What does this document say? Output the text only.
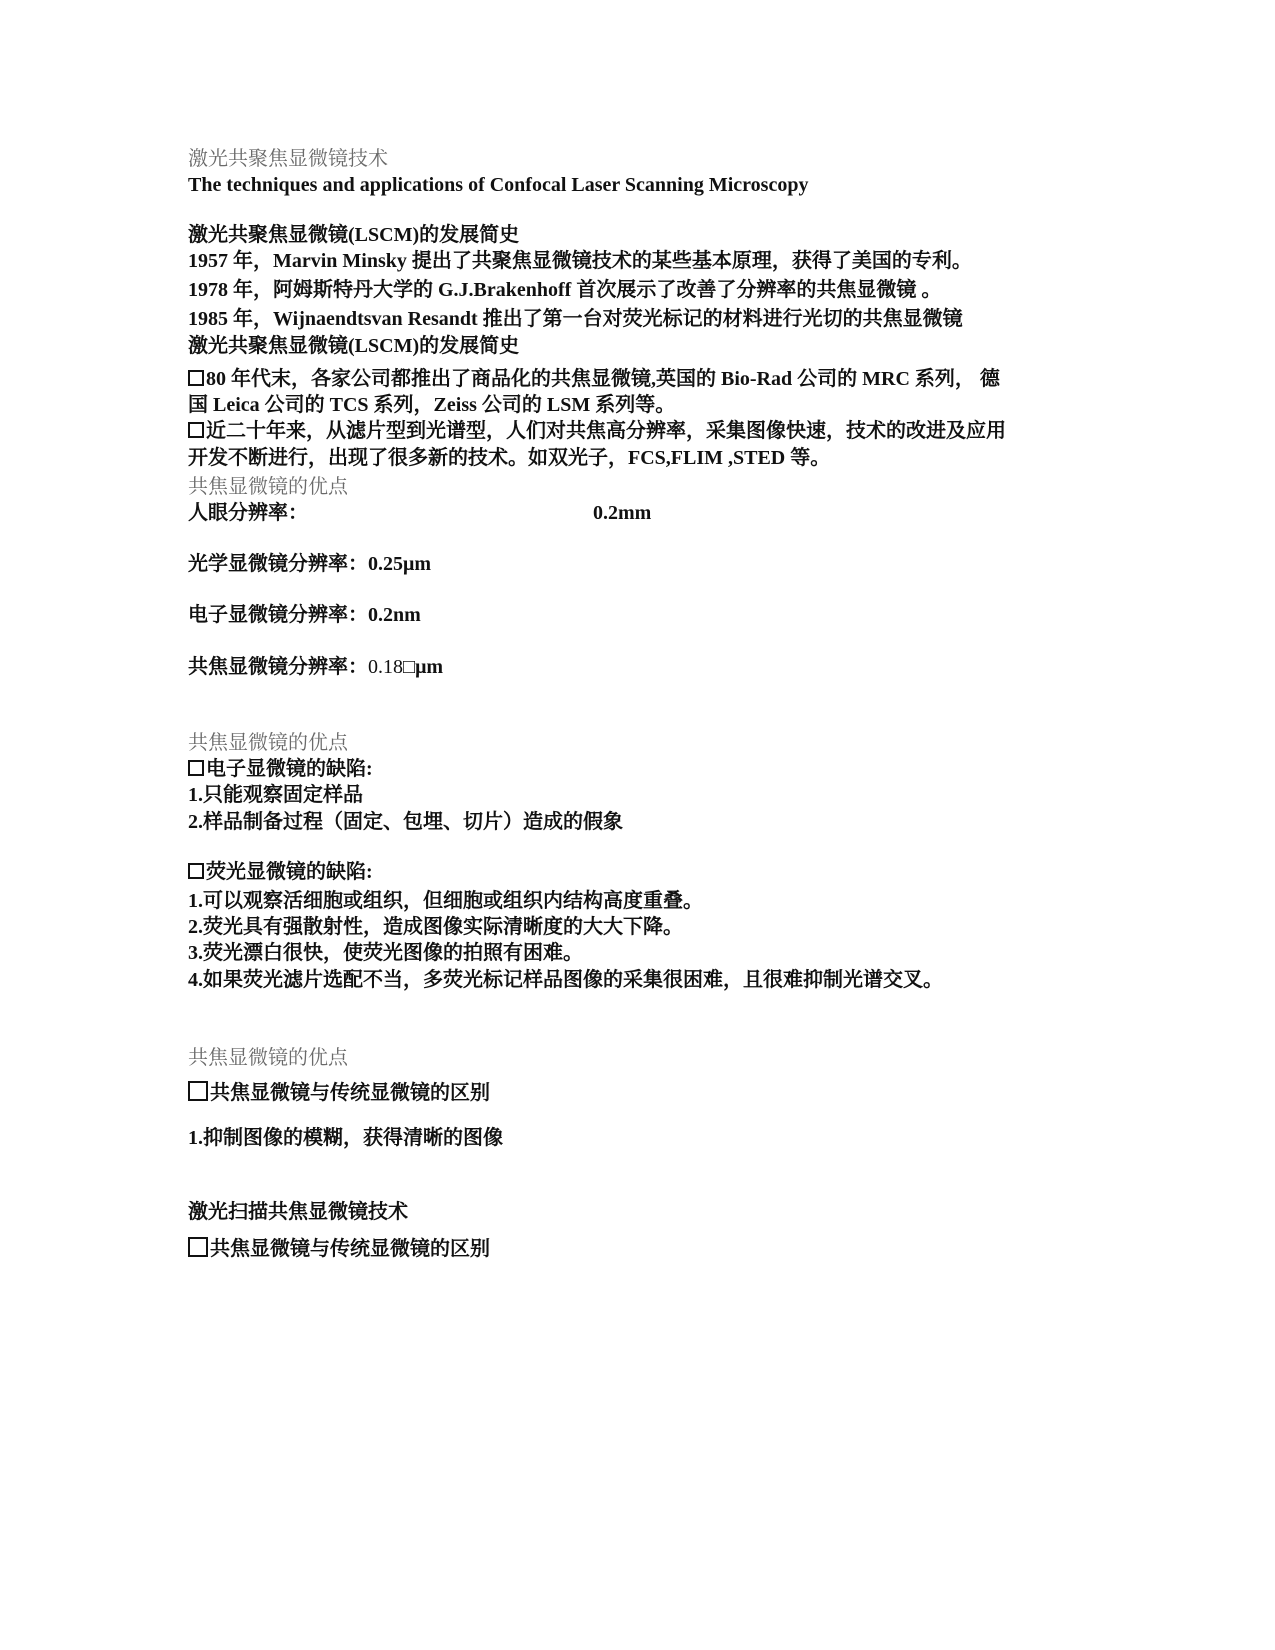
激光共聚焦显微镜技术
The techniques and applications of Confocal Laser Scanning Microscopy
激光共聚焦显微镜(LSCM)的发展简史
1957 年，Marvin Minsky 提出了共聚焦显微镜技术的某些基本原理，获得了美国的专利。
1978 年，阿姆斯特丹大学的 G.J.Brakenhoff 首次展示了改善了分辨率的共焦显微镜 。
1985 年，Wijnaendtsvan Resandt 推出了第一台对荧光标记的材料进行光切的共焦显微镜
激光共聚焦显微镜(LSCM)的发展简史
80 年代末，各家公司都推出了商品化的共焦显微镜,英国的 Bio-Rad 公司的 MRC 系列， 德
国 Leica 公司的 TCS 系列，Zeiss 公司的 LSM 系列等。
近二十年来，从滤片型到光谱型，人们对共焦高分辨率，采集图像快速，技术的改进及应用
开发不断进行，出现了很多新的技术。如双光子，FCS,FLIM ,STED 等。
共焦显微镜的优点
人眼分辨率：	0.2mm
光学显微镜分辨率：0.25μm
电子显微镜分辨率：0.2nm
共焦显微镜分辨率：0.18□μm
共焦显微镜的优点
电子显微镜的缺陷:
1.只能观察固定样品
2.样品制备过程（固定、包埋、切片）造成的假象
荧光显微镜的缺陷:
1.可以观察活细胞或组织，但细胞或组织内结构高度重叠。
2.荧光具有强散射性，造成图像实际清晰度的大大下降。
3.荧光漂白很快，使荧光图像的拍照有困难。
4.如果荧光滤片选配不当，多荧光标记样品图像的采集很困难，且很难抑制光谱交叉。
共焦显微镜的优点
共焦显微镜与传统显微镜的区别
1.抑制图像的模糊，获得清晰的图像
激光扫描共焦显微镜技术
共焦显微镜与传统显微镜的区别
